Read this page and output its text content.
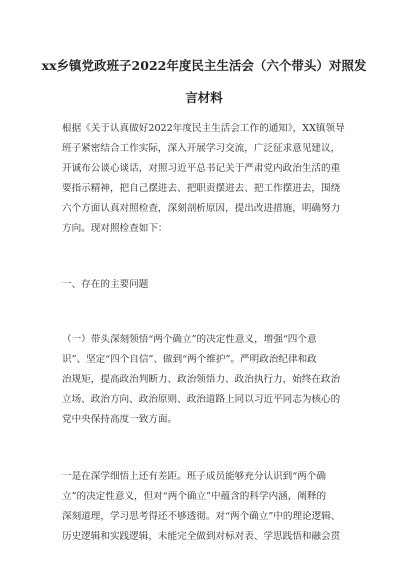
xx乡镇党政班子2022年度民主生活会（六个带头）对照发
言材料
根据《关于认真做好2022年度民主生活会工作的通知》，XX镇领导
班子紧密结合工作实际，深入开展学习交流，广泛征求意见建议，
开诚布公谈心谈话，对照习近平总书记关于严肃党内政治生活的重
要指示精神，把自己摆进去、把职责摆进去、把工作摆进去，围绕
六个方面认真对照检查，深刻剖析原因，提出改进措施，明确努力
方向。现对照检查如下：
一、存在的主要问题
（一）带头深刻领悟“两个确立”的决定性意义，增强“四个意
识”、坚定“四个自信”、做到“两个维护”。严明政治纪律和政
治规矩，提高政治判断力、政治领悟力、政治执行力，始终在政治
立场、政治方向、政治原则、政治道路上同以习近平同志为核心的
党中央保持高度一致方面。
一是在深学细悟上还有差距。班子成员能够充分认识到“两个确
立”的决定性意义，但对“两个确立”中蕴含的科学内涵，阐释的
深刻道理，学习思考得还不够透彻。对“两个确立”中的理论逻辑、
历史逻辑和实践逻辑，未能完全做到对标对表、学思践悟和融会贯
